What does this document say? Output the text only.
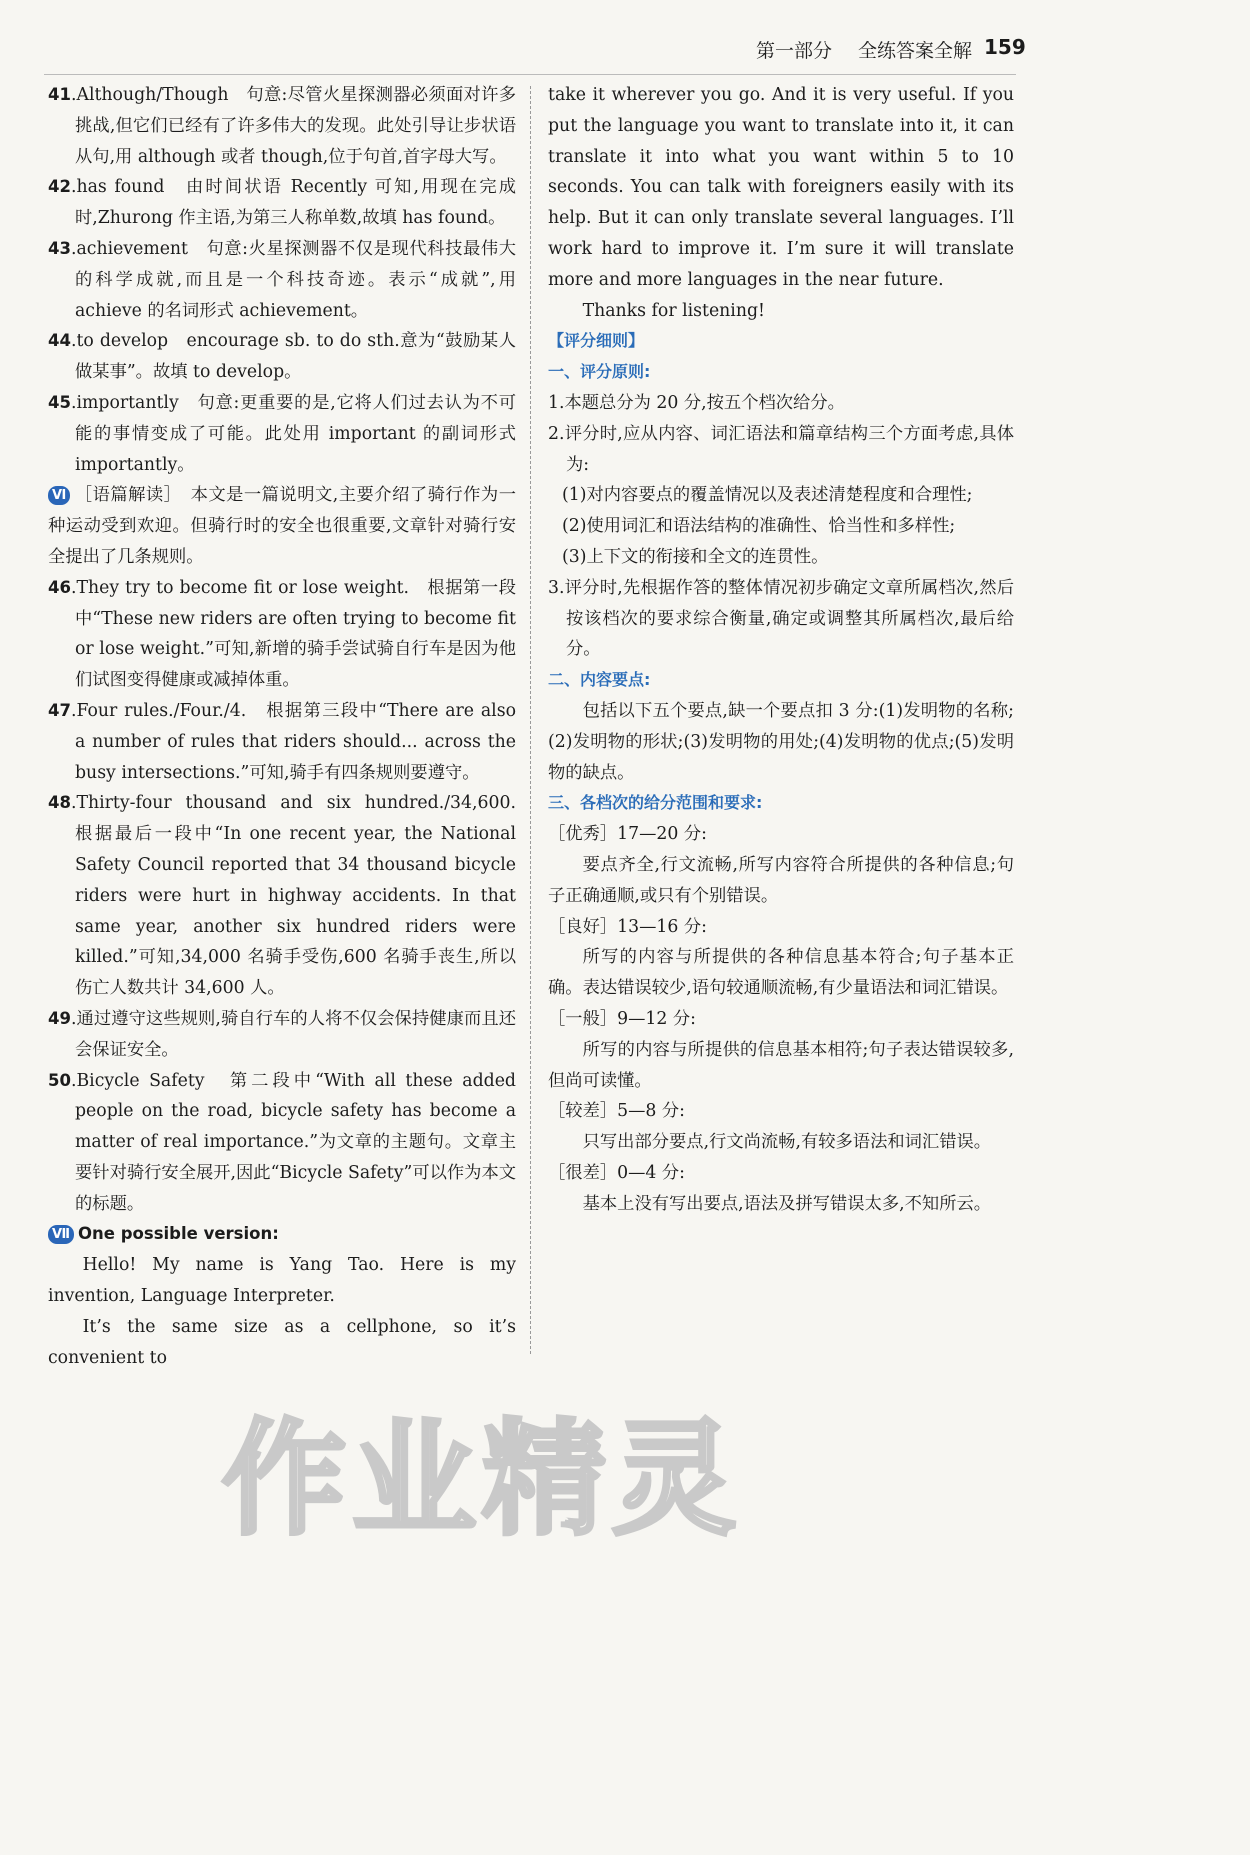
第一部分 全练答案全解 159

41.Although/Though　句意:尽管火星探测器必须面对许多挑战,但它们已经有了许多伟大的发现。此处引导让步状语从句,用 although 或者 though,位于句首,首字母大写。

42.has found　由时间状语 Recently 可知,用现在完成时,Zhurong 作主语,为第三人称单数,故填 has found。

43.achievement　句意:火星探测器不仅是现代科技最伟大的科学成就,而且是一个科技奇迹。表示“成就”,用 achieve 的名词形式 achievement。

44.to develop　encourage sb. to do sth.意为“鼓励某人做某事”。故填 to develop。

45.importantly　句意:更重要的是,它将人们过去认为不可能的事情变成了可能。此处用 important 的副词形式 importantly。

Ⅵ ［语篇解读］　本文是一篇说明文,主要介绍了骑行作为一种运动受到欢迎。但骑行时的安全也很重要,文章针对骑行安全提出了几条规则。

46.They try to become fit or lose weight.　根据第一段中“These new riders are often trying to become fit or lose weight.”可知,新增的骑手尝试骑自行车是因为他们试图变得健康或减掉体重。

47.Four rules./Four./4.　根据第三段中“There are also a number of rules that riders should... across the busy intersections.”可知,骑手有四条规则要遵守。

48.Thirty-four thousand and six hundred./34,600.　根据最后一段中“In one recent year, the National Safety Council reported that 34 thousand bicycle riders were hurt in highway accidents. In that same year, another six hundred riders were killed.”可知,34,000 名骑手受伤,600 名骑手丧生,所以伤亡人数共计 34,600 人。

49.通过遵守这些规则,骑自行车的人将不仅会保持健康而且还会保证安全。

50.Bicycle Safety　第二段中“With all these added people on the road, bicycle safety has become a matter of real importance.”为文章的主题句。文章主要针对骑行安全展开,因此“Bicycle Safety”可以作为本文的标题。

Ⅶ One possible version:

Hello! My name is Yang Tao. Here is my invention, Language Interpreter.

It’s the same size as a cellphone, so it’s convenient to

take it wherever you go. And it is very useful. If you put the language you want to translate into it, it can translate it into what you want within 5 to 10 seconds. You can talk with foreigners easily with its help. But it can only translate several languages. I’ll work hard to improve it. I’m sure it will translate more and more languages in the near future.

Thanks for listening!

【评分细则】

一、评分原则:

1.本题总分为 20 分,按五个档次给分。

2.评分时,应从内容、词汇语法和篇章结构三个方面考虑,具体为:

(1)对内容要点的覆盖情况以及表述清楚程度和合理性;

(2)使用词汇和语法结构的准确性、恰当性和多样性;

(3)上下文的衔接和全文的连贯性。

3.评分时,先根据作答的整体情况初步确定文章所属档次,然后按该档次的要求综合衡量,确定或调整其所属档次,最后给分。

二、内容要点:

包括以下五个要点,缺一个要点扣 3 分:(1)发明物的名称;(2)发明物的形状;(3)发明物的用处;(4)发明物的优点;(5)发明物的缺点。

三、各档次的给分范围和要求:

［优秀］17—20 分:

要点齐全,行文流畅,所写内容符合所提供的各种信息;句子正确通顺,或只有个别错误。

［良好］13—16 分:

所写的内容与所提供的各种信息基本符合;句子基本正确。表达错误较少,语句较通顺流畅,有少量语法和词汇错误。

［一般］9—12 分:

所写的内容与所提供的信息基本相符;句子表达错误较多,但尚可读懂。

［较差］5—8 分:

只写出部分要点,行文尚流畅,有较多语法和词汇错误。

［很差］0—4 分:

基本上没有写出要点,语法及拼写错误太多,不知所云。

作业精灵
